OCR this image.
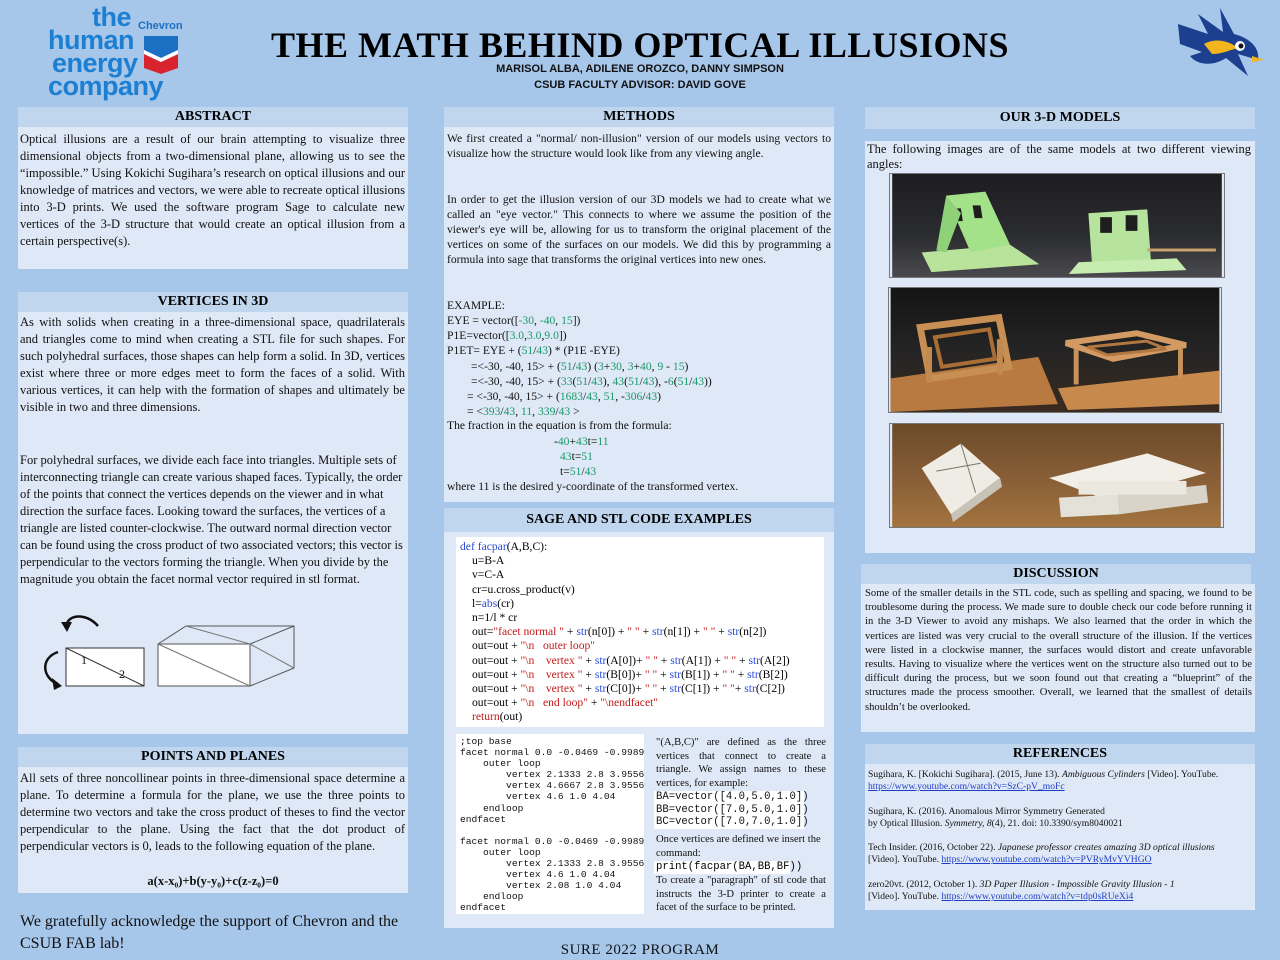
the
human
energy
company
Chevron	THE MATH BEHIND OPTICAL ILLUSIONS
MARISOL ALBA, ADILENE OROZCO, DANNY SIMPSON
CSUB FACULTY ADVISOR: DAVID GOVE
ABSTRACT
Optical illusions are a result of our brain attempting to visualize three dimensional objects from a two-dimensional plane, allowing us to see the “impossible.” Using Kokichi Sugihara’s research on optical illusions and our knowledge of matrices and vectors, we were able to recreate optical illusions into 3-D prints. We used the software program Sage to calculate new vertices of the 3-D structure that would create an optical illusion from a certain perspective(s).
VERTICES IN 3D
As with solids when creating in a three-dimensional space, quadrilaterals and triangles come to mind when creating a STL file for such shapes. For such polyhedral surfaces, those shapes can help form a solid. In 3D, vertices exist where three or more edges meet to form the faces of a solid. With various vertices, it can help with the formation of shapes and ultimately be visible in two and three dimensions.
For polyhedral surfaces, we divide each face into triangles. Multiple sets of interconnecting triangle can create various shaped faces. Typically, the order of the points that connect the vertices depends on the viewer and in what direction the surface faces. Looking toward the surfaces, the vertices of a triangle are listed counter-clockwise. The outward normal direction vector can be found using the cross product of two associated vectors; this vector is perpendicular to the vectors forming the triangle. When you divide by the magnitude you obtain the facet normal vector required in stl format.
1
2
POINTS AND PLANES
All sets of three noncollinear points in three-dimensional space determine a plane. To determine a formula for the plane, we use the three points to determine two vectors and take the cross product of theses to find the vector perpendicular to the plane. Using the fact that the dot product of perpendicular vectors is 0, leads to the following equation of the plane.
a(x-x₀)+b(y-y₀)+c(z-z₀)=0
We gratefully acknowledge the support of Chevron and the CSUB FAB lab!
METHODS
We first created a "normal/ non-illusion" version of our models using vectors to visualize how the structure would look like from any viewing angle.
In order to get the illusion version of our 3D models we had to create what we called an "eye vector." This connects to where we assume the position of the viewer's eye will be, allowing for us to transform the original placement of the vertices on some of the surfaces on our models. We did this by programming a formula into sage that transforms the original vertices into new ones.
EXAMPLE:
EYE = vector([-30, -40, 15])
P1E=vector([3.0,3.0,9.0])
P1ET= EYE + (51/43) * (P1E -EYE)
=<-30, -40, 15> + (51/43) (3+30, 3+40, 9 - 15)
=<-30, -40, 15> + (33(51/43), 43(51/43), -6(51/43))
= <-30, -40, 15> + (1683/43, 51, -306/43)
= <393/43, 11, 339/43 >
The fraction in the equation is from the formula:
-40+43t=11
43t=51
t=51/43
where 11 is the desired y-coordinate of the transformed vertex.
SAGE AND STL CODE EXAMPLES
def facpar(A,B,C):
u=B-A
v=C-A
cr=u.cross_product(v)
l=abs(cr)
n=1/l * cr
out="facet normal " + str(n[0]) + " " + str(n[1]) + " " + str(n[2])
out=out + "\n   outer loop"
out=out + "\n    vertex " + str(A[0])+ " " + str(A[1]) + " " + str(A[2])
out=out + "\n    vertex " + str(B[0])+ " " + str(B[1]) + " " + str(B[2])
out=out + "\n    vertex " + str(C[0])+ " " + str(C[1]) + " "+ str(C[2])
out=out + "\n   end loop" + "\nendfacet"
return(out)
;top base
facet normal 0.0 -0.0469 -0.9989
outer loop
vertex 2.1333 2.8 3.9556
vertex 4.6667 2.8 3.9556
vertex 4.6 1.0 4.04
endloop
endfacet

facet normal 0.0 -0.0469 -0.9989
outer loop
vertex 2.1333 2.8 3.9556
vertex 4.6 1.0 4.04
vertex 2.08 1.0 4.04
endloop
endfacet
"(A,B,C)" are defined as the three vertices that connect to create a triangle. We assign names to these vertices, for example:
BA=vector([4.0,5.0,1.0])
BB=vector([7.0,5.0,1.0])
BC=vector([7.0,7.0,1.0])
Once vertices are defined we insert the command:
print(facpar(BA,BB,BF))
To create a "paragraph" of stl code that instructs the 3-D printer to create a facet of the surface to be printed.
OUR 3-D MODELS
The following images are of the same models at two different viewing angles:
DISCUSSION
Some of the smaller details in the STL code, such as spelling and spacing, we found to be troublesome during the process. We made sure to double check our code before running it in the 3-D Viewer to avoid any mishaps. We also learned that the order in which the vertices are listed was very crucial to the overall structure of the illusion. If the vertices were listed in a clockwise manner, the surfaces would distort and create unfavorable results. Having to visualize where the vertices went on the structure also turned out to be difficult during the process, but we soon found out that creating a “blueprint” of the structures made the process smoother. Overall, we learned that the smallest of details shouldn’t be overlooked.
REFERENCES
Sugihara, K. [Kokichi Sugihara]. (2015, June 13). Ambiguous Cylinders [Video]. YouTube.
https://www.youtube.com/watch?v=SzC-pV_moFc
Sugihara, K. (2016). Anomalous Mirror Symmetry Generated
by Optical Illusion. Symmetry, 8(4), 21. doi: 10.3390/sym8040021
Tech Insider. (2016, October 22). Japanese professor creates amazing 3D optical illusions
[Video]. YouTube. https://www.youtube.com/watch?v=PVRyMvYVHGO
zero20vt. (2012, October 1). 3D Paper Illusion - Impossible Gravity Illusion - 1
[Video]. YouTube. https://www.youtube.com/watch?v=tdp0sRUeXi4
SURE 2022 PROGRAM
